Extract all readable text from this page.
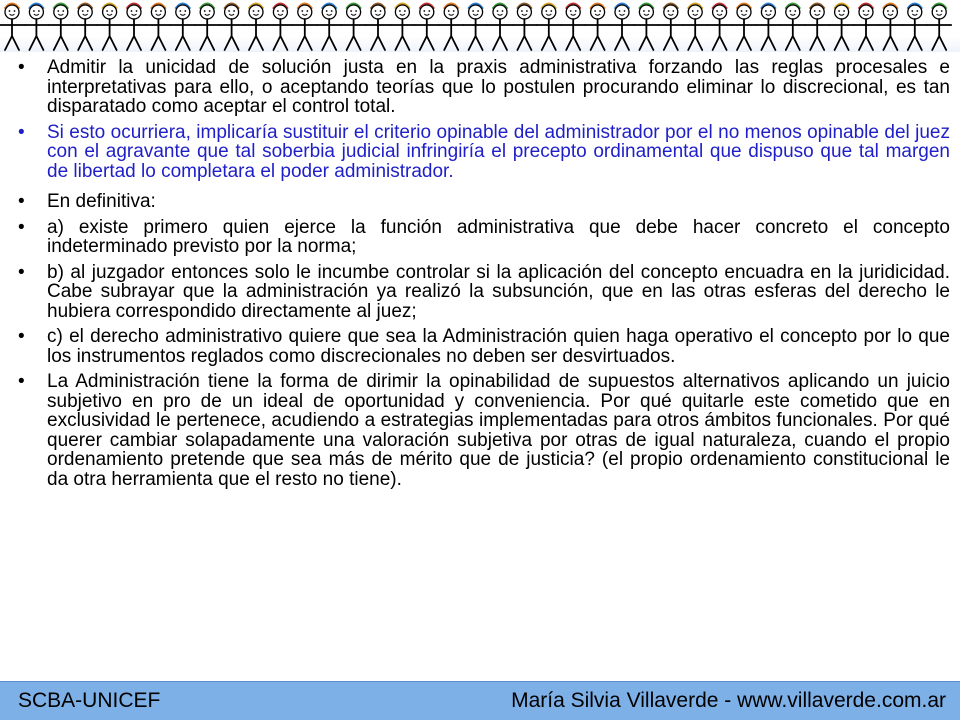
• Admitir la unicidad de solución justa en la praxis administrativa forzando las reglas procesales e interpretativas para ello, o aceptando teorías que lo postulen procurando eliminar lo discrecional, es tan disparatado como aceptar el control total.
• Si esto ocurriera, implicaría sustituir el criterio opinable del administrador por el no menos opinable del juez con el agravante que tal soberbia judicial infringiría el precepto ordinamental que dispuso que tal margen de libertad lo completara el poder administrador.
• En definitiva:
• a) existe primero quien ejerce la función administrativa que debe hacer concreto el concepto indeterminado previsto por la norma;
• b) al juzgador entonces solo le incumbe controlar si la aplicación del concepto encuadra en la juridicidad. Cabe subrayar que la administración ya realizó la subsunción, que en las otras esferas del derecho le hubiera correspondido directamente al juez;
• c) el derecho administrativo quiere que sea la Administración quien haga operativo el concepto por lo que los instrumentos reglados como discrecionales no deben ser desvirtuados.
• La Administración tiene la forma de dirimir la opinabilidad de supuestos alternativos aplicando un juicio subjetivo en pro de un ideal de oportunidad y conveniencia. Por qué quitarle este cometido que en exclusividad le pertenece, acudiendo a estrategias implementadas para otros ámbitos funcionales. Por qué querer cambiar solapadamente una valoración subjetiva por otras de igual naturaleza, cuando el propio ordenamiento pretende que sea más de mérito que de justicia? (el propio ordenamiento constitucional le da otra herramienta que el resto no tiene).
SCBA-UNICEF	María Silvia Villaverde - www.villaverde.com.ar
